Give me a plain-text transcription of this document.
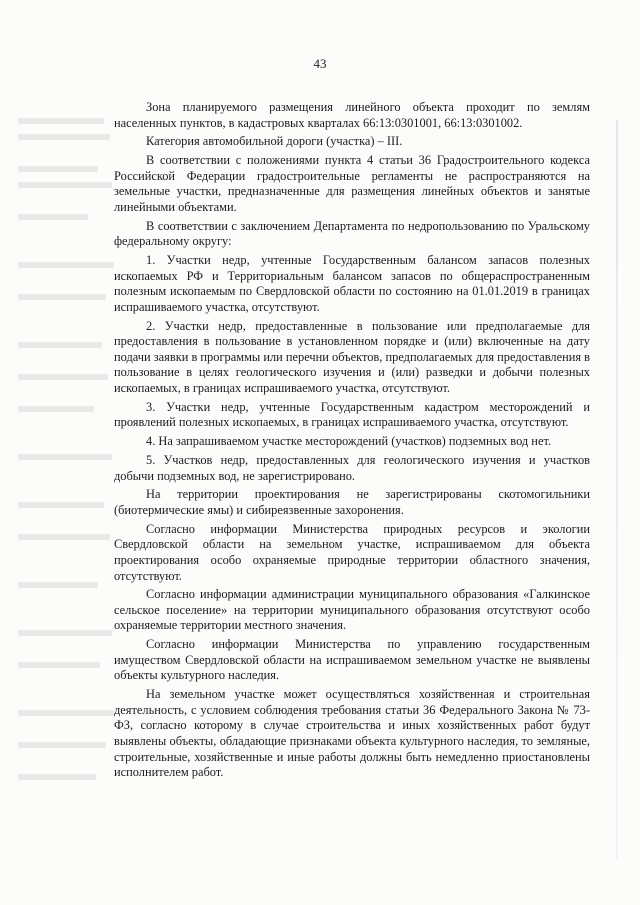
43

Зона планируемого размещения линейного объекта проходит по землям населенных пунктов, в кадастровых кварталах 66:13:0301001, 66:13:0301002.

Категория автомобильной дороги (участка) – III.

В соответствии с положениями пункта 4 статьи 36 Градостроительного кодекса Российской Федерации градостроительные регламенты не распространяются на земельные участки, предназначенные для размещения линейных объектов и занятые линейными объектами.

В соответствии с заключением Департамента по недропользованию по Уральскому федеральному округу:

1. Участки недр, учтенные Государственным балансом запасов полезных ископаемых РФ и Территориальным балансом запасов по общераспространенным полезным ископаемым по Свердловской области по состоянию на 01.01.2019 в границах испрашиваемого участка, отсутствуют.

2. Участки недр, предоставленные в пользование или предполагаемые для предоставления в пользование в установленном порядке и (или) включенные на дату подачи заявки в программы или перечни объектов, предполагаемых для предоставления в пользование в целях геологического изучения и (или) разведки и добычи полезных ископаемых, в границах испрашиваемого участка, отсутствуют.

3. Участки недр, учтенные Государственным кадастром месторождений и проявлений полезных ископаемых, в границах испрашиваемого участка, отсутствуют.

4. На запрашиваемом участке месторождений (участков) подземных вод нет.

5. Участков недр, предоставленных для геологического изучения и участков добычи подземных вод, не зарегистрировано.

На территории проектирования не зарегистрированы скотомогильники (биотермические ямы) и сибиреязвенные захоронения.

Согласно информации Министерства природных ресурсов и экологии Свердловской области на земельном участке, испрашиваемом для объекта проектирования особо охраняемые природные территории областного значения, отсутствуют.

Согласно информации администрации муниципального образования «Галкинское сельское поселение» на территории муниципального образования отсутствуют особо охраняемые территории местного значения.

Согласно информации Министерства по управлению государственным имуществом Свердловской области на испрашиваемом земельном участке не выявлены объекты культурного наследия.

На земельном участке может осуществляться хозяйственная и строительная деятельность, с условием соблюдения требования статьи 36 Федерального Закона № 73-ФЗ, согласно которому в случае строительства и иных хозяйственных работ будут выявлены объекты, обладающие признаками объекта культурного наследия, то земляные, строительные, хозяйственные и иные работы должны быть немедленно приостановлены исполнителем работ.
